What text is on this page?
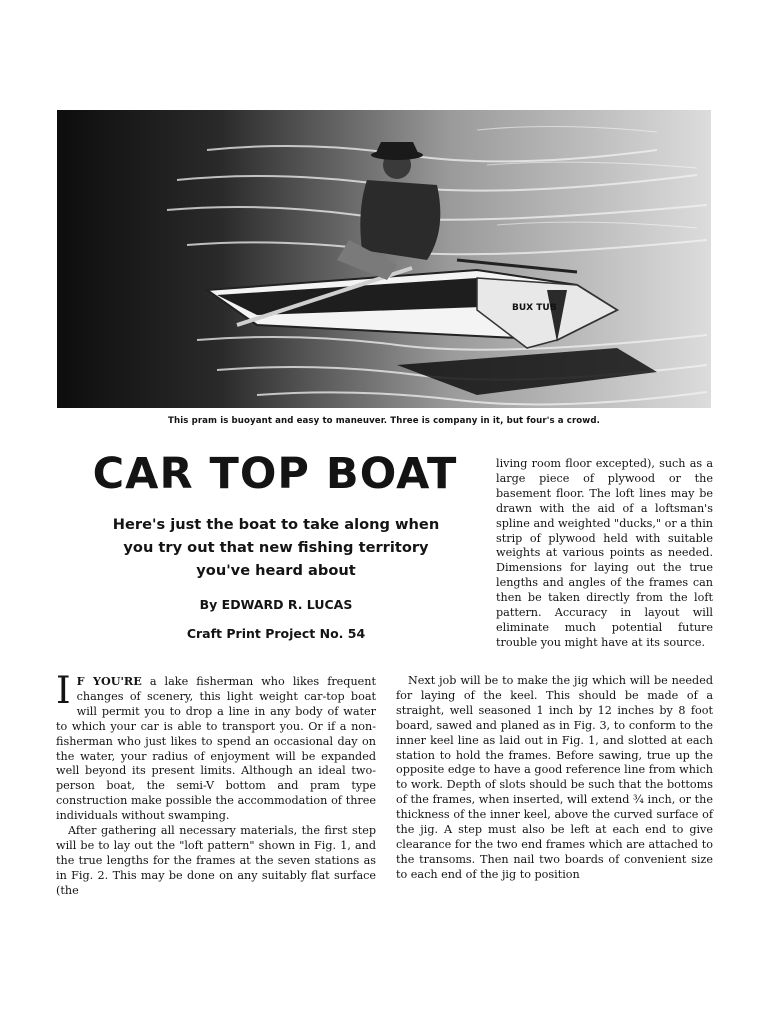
BUX TUB
This pram is buoyant and easy to maneuver. Three is company in it, but four's a crowd.
CAR TOP BOAT
Here's just the boat to take along when you try out that new fishing territory you've heard about
By EDWARD R. LUCAS
Craft Print Project No. 54

I F YOU'RE a lake fisherman who likes frequent changes of scenery, this light weight car-top boat will permit you to drop a line in any body of water to which your car is able to transport you. Or if a non-fisherman who just likes to spend an occasional day on the water, your radius of enjoyment will be expanded well beyond its present limits. Although an ideal two-person boat, the semi-V bottom and pram type construction make possible the accommodation of three individuals without swamping.

After gathering all necessary materials, the first step will be to lay out the "loft pattern" shown in Fig. 1, and the true lengths for the frames at the seven stations as in Fig. 2. This may be done on any suitably flat surface (the

living room floor excepted), such as a large piece of plywood or the basement floor. The loft lines may be drawn with the aid of a loftsman's spline and weighted "ducks," or a thin strip of plywood held with suitable weights at various points as needed. Dimensions for laying out the true lengths and angles of the frames can then be taken directly from the loft pattern. Accuracy in layout will eliminate much potential future trouble you might have at its source.

Next job will be to make the jig which will be needed for laying of the keel. This should be made of a straight, well seasoned 1 inch by 12 inches by 8 foot board, sawed and planed as in Fig. 3, to conform to the inner keel line as laid out in Fig. 1, and slotted at each station to hold the frames. Before sawing, true up the opposite edge to have a good reference line from which to work. Depth of slots should be such that the bottoms of the frames, when inserted, will extend ¾ inch, or the thickness of the inner keel, above the curved surface of the jig. A step must also be left at each end to give clearance for the two end frames which are attached to the transoms. Then nail two boards of convenient size to each end of the jig to position
